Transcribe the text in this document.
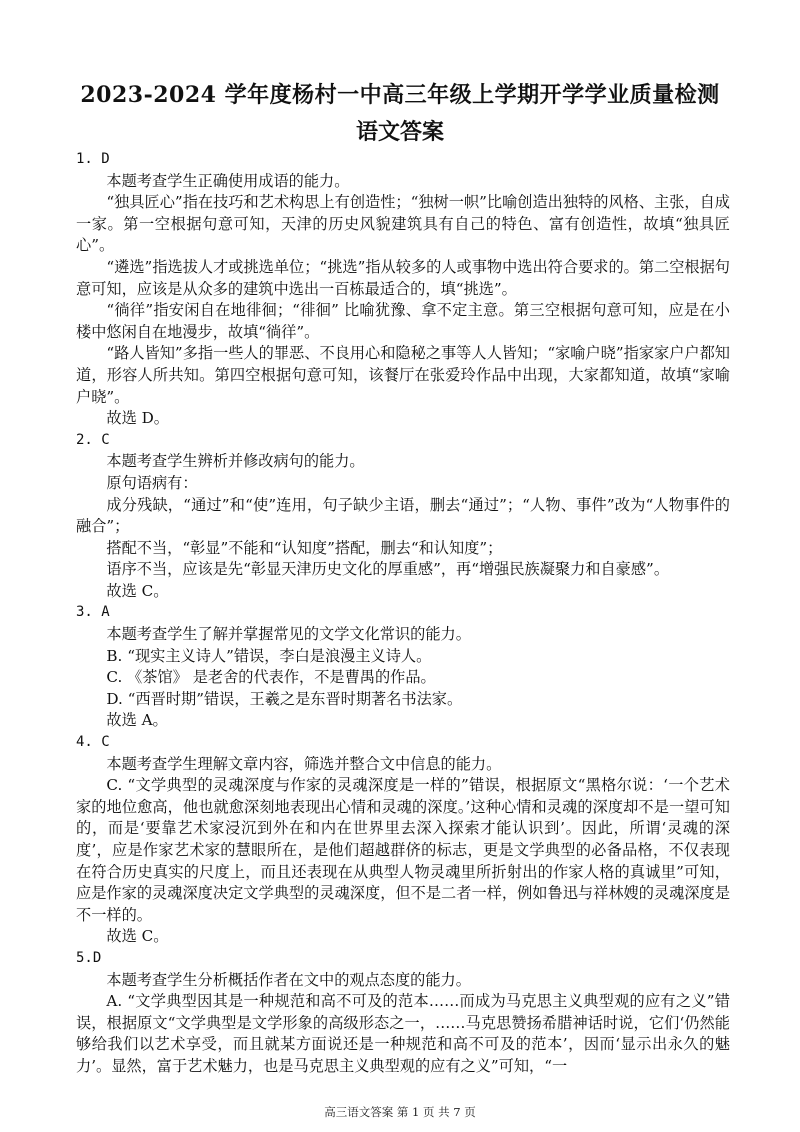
2023-2024 学年度杨村一中高三年级上学期开学学业质量检测
语文答案
1. D
本题考查学生正确使用成语的能力。
“独具匠心”指在技巧和艺术构思上有创造性；“独树一帜”比喻创造出独特的风格、主张，自成一家。第一空根据句意可知，天津的历史风貌建筑具有自己的特色、富有创造性，故填“独具匠心”。
“遴选”指选拔人才或挑选单位；“挑选”指从较多的人或事物中选出符合要求的。第二空根据句意可知，应该是从众多的建筑中选出一百栋最适合的，填“挑选”。
“徜徉”指安闲自在地徘徊；“徘徊” 比喻犹豫、拿不定主意。第三空根据句意可知，应是在小楼中悠闲自在地漫步，故填“徜徉”。
“路人皆知”多指一些人的罪恶、不良用心和隐秘之事等人人皆知；“家喻户晓”指家家户户都知道，形容人所共知。第四空根据句意可知，该餐厅在张爱玲作品中出现，大家都知道，故填“家喻户晓”。
故选 D。
2. C
本题考查学生辨析并修改病句的能力。
原句语病有：
成分残缺，“通过”和“使”连用，句子缺少主语，删去“通过”；“人物、事件”改为“人物事件的融合”；
搭配不当，“彰显”不能和“认知度”搭配，删去“和认知度”；
语序不当，应该是先“彰显天津历史文化的厚重感”，再“增强民族凝聚力和自豪感”。
故选 C。
3. A
本题考查学生了解并掌握常见的文学文化常识的能力。
B. “现实主义诗人”错误，李白是浪漫主义诗人。
C. 《茶馆》 是老舍的代表作，不是曹禺的作品。
D. “西晋时期”错误，王羲之是东晋时期著名书法家。
故选 A。
4. C
本题考查学生理解文章内容，筛选并整合文中信息的能力。
C. “文学典型的灵魂深度与作家的灵魂深度是一样的”错误，根据原文“黑格尔说：‘一个艺术家的地位愈高，他也就愈深刻地表现出心情和灵魂的深度。’这种心情和灵魂的深度却不是一望可知的，而是‘要靠艺术家浸沉到外在和内在世界里去深入探索才能认识到’。因此，所谓‘灵魂的深度’，应是作家艺术家的慧眼所在，是他们超越群侪的标志，更是文学典型的必备品格，不仅表现在符合历史真实的尺度上，而且还表现在从典型人物灵魂里所折射出的作家人格的真诚里”可知，应是作家的灵魂深度决定文学典型的灵魂深度，但不是二者一样，例如鲁迅与祥林嫂的灵魂深度是不一样的。
故选 C。
5.D
本题考查学生分析概括作者在文中的观点态度的能力。
A. “文学典型因其是一种规范和高不可及的范本……而成为马克思主义典型观的应有之义”错误，根据原文“文学典型是文学形象的高级形态之一，……马克思赞扬希腊神话时说，它们‘仍然能够给我们以艺术享受，而且就某方面说还是一种规范和高不可及的范本’，因而‘显示出永久的魅力’。显然，富于艺术魅力，也是马克思主义典型观的应有之义”可知，“一
高三语文答案 第 1 页 共 7 页
